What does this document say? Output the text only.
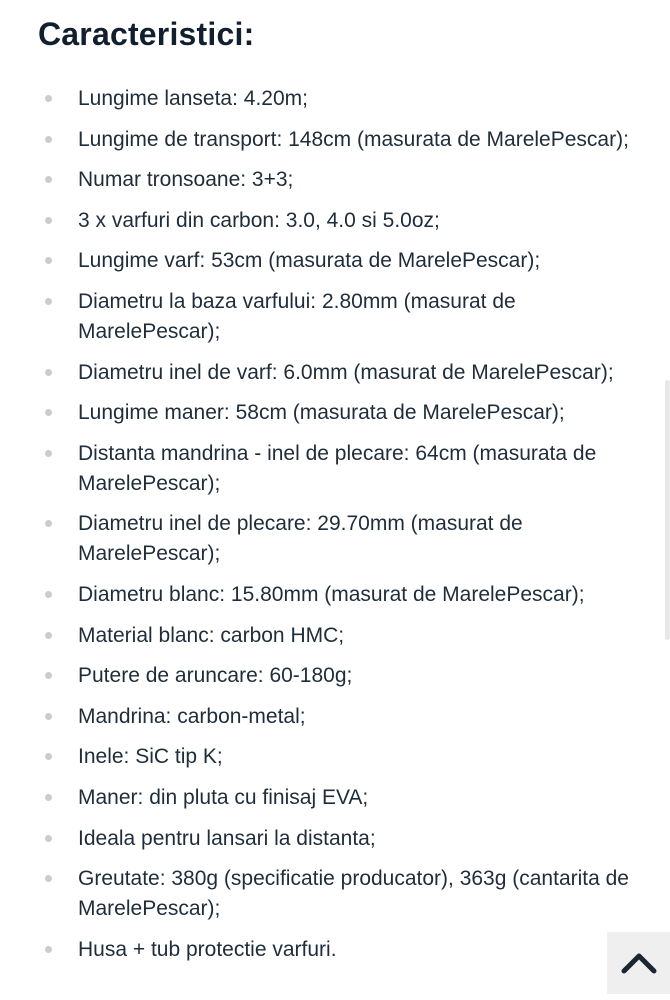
Caracteristici:
Lungime lanseta: 4.20m;
Lungime de transport: 148cm (masurata de MarelePescar);
Numar tronsoane: 3+3;
3 x varfuri din carbon: 3.0, 4.0 si 5.0oz;
Lungime varf: 53cm (masurata de MarelePescar);
Diametru la baza varfului: 2.80mm (masurat de MarelePescar);
Diametru inel de varf: 6.0mm (masurat de MarelePescar);
Lungime maner: 58cm (masurata de MarelePescar);
Distanta mandrina - inel de plecare: 64cm (masurata de MarelePescar);
Diametru inel de plecare: 29.70mm (masurat de MarelePescar);
Diametru blanc: 15.80mm (masurat de MarelePescar);
Material blanc: carbon HMC;
Putere de aruncare: 60-180g;
Mandrina: carbon-metal;
Inele: SiC tip K;
Maner: din pluta cu finisaj EVA;
Ideala pentru lansari la distanta;
Greutate: 380g (specificatie producator), 363g (cantarita de MarelePescar);
Husa + tub protectie varfuri.
